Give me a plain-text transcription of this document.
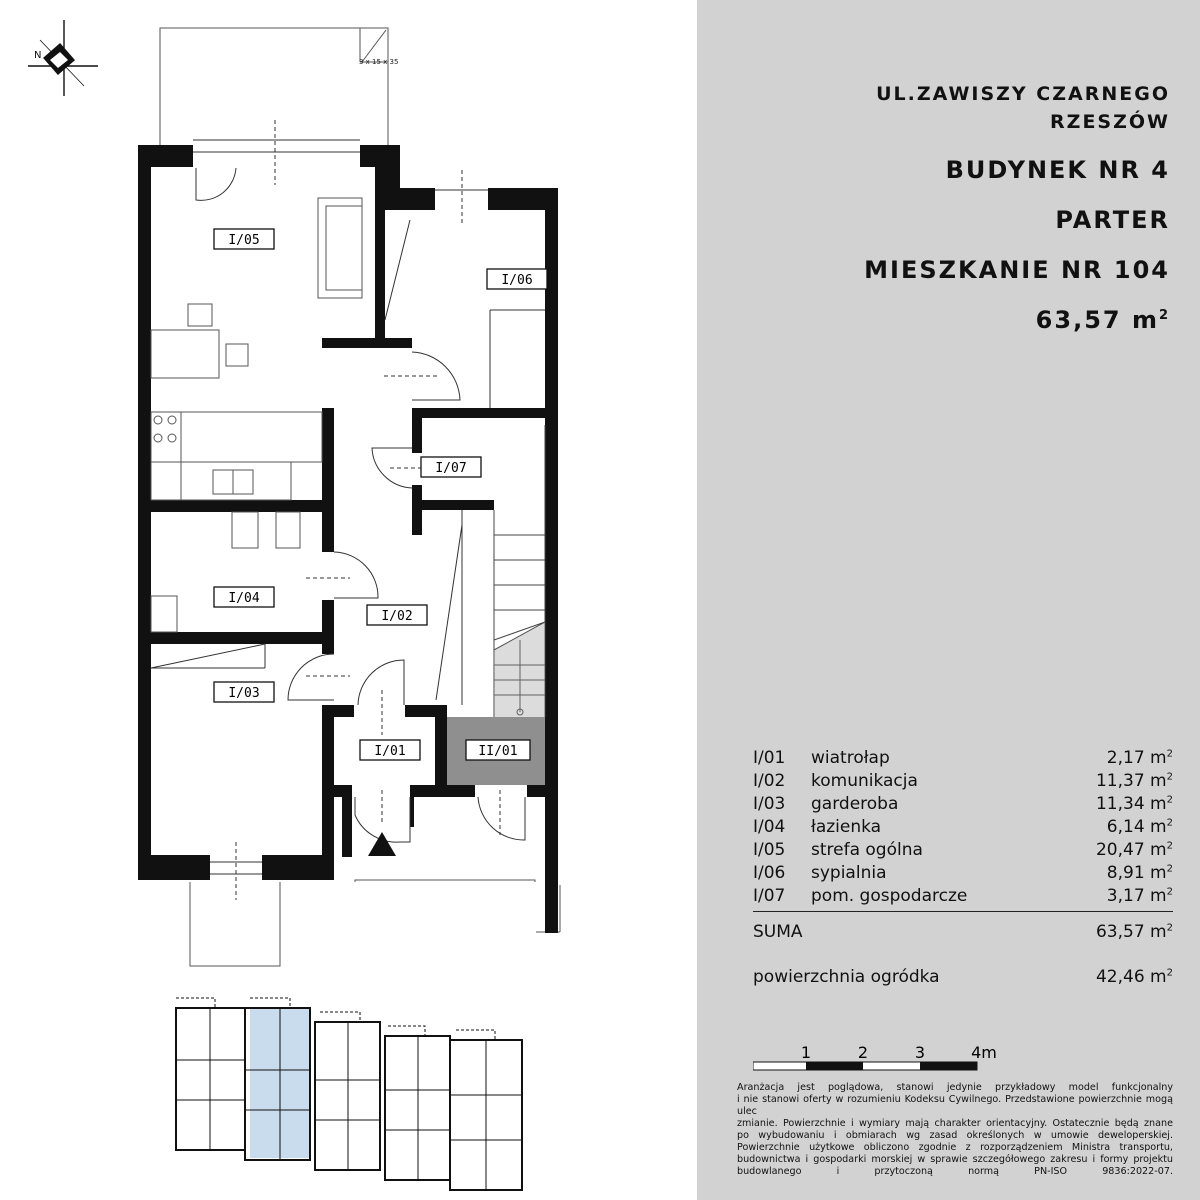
N
3 x 15 x 35
I/05
I/06
I/07
I/04
I/02
I/03
I/01	II/01

UL.ZAWISZY CZARNEGO

RZESZÓW

BUDYNEK NR 4

PARTER

MIESZKANIE NR 104

63,57 $m^2$

I/01 wiatrołap	2,17 $m^2$
I/02 komunikacja	11,37 $m^2$
I/03 garderoba	11,34 $m^2$
I/04 łazienka	6,14 $m^2$
I/05 strefa ogólna	20,47 $m^2$
I/06 sypialnia	8,91 $m^2$
I/07 pom. gospodarcze	3,17 $m^2$
SUMA	63,57 $m^2$
powierzchnia ogródka	42,46 $m^2$
1	2	3	4m
Aranżacja jest poglądowa, stanowi jedynie przykładowy model funkcjonalny
i nie stanowi oferty w rozumieniu Kodeksu Cywilnego. Przedstawione powierzchnie mogą ulec
zmianie. Powierzchnie i wymiary mają charakter orientacyjny. Ostatecznie będą znane
po wybudowaniu i obmiarach wg zasad określonych w umowie deweloperskiej.
Powierzchnie użytkowe obliczono zgodnie z rozporządzeniem Ministra transportu,
budownictwa i gospodarki morskiej w sprawie szczegółowego zakresu i formy projektu
budowlanego i przytoczoną normą PN-ISO 9836:2022-07.
